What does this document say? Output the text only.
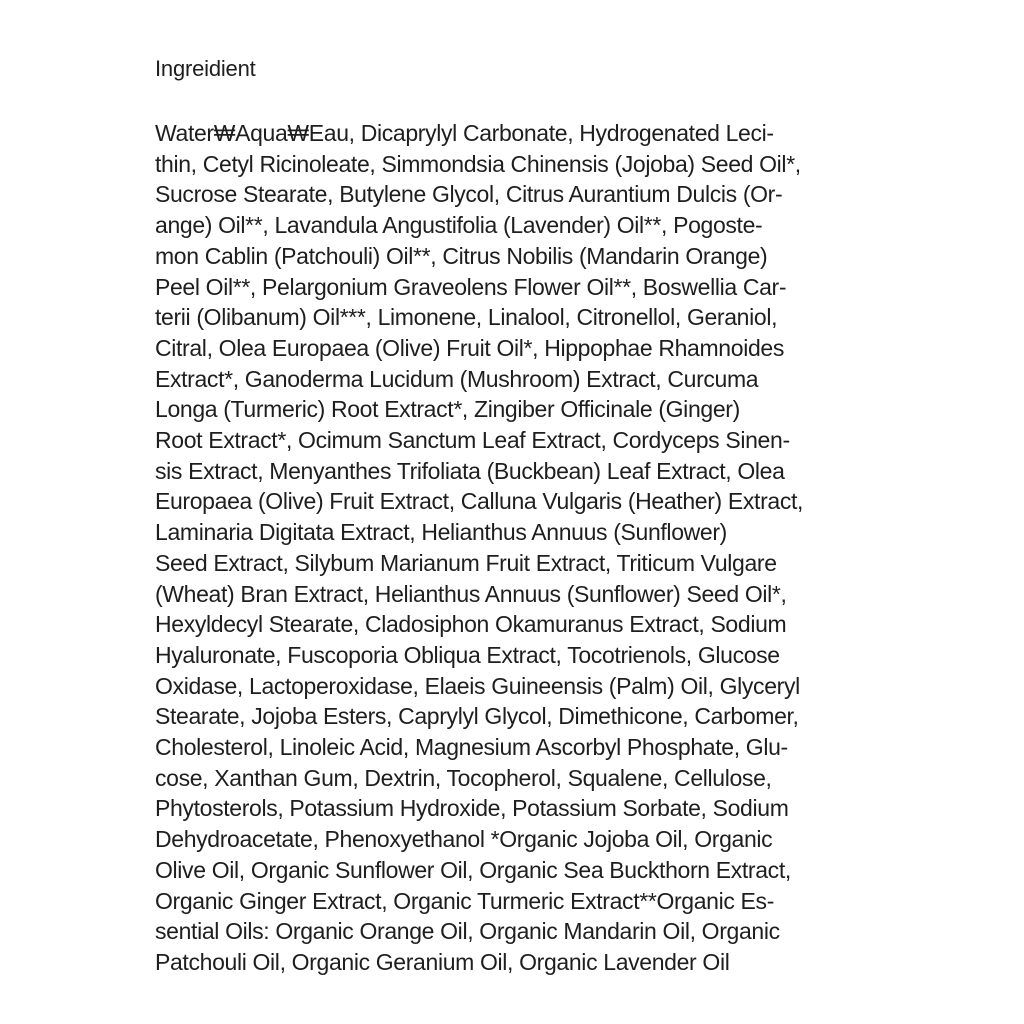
Ingreidient
Water₩Aqua₩Eau, Dicaprylyl Carbonate, Hydrogenated Leci-
thin, Cetyl Ricinoleate, Simmondsia Chinensis (Jojoba) Seed Oil*,
Sucrose Stearate, Butylene Glycol, Citrus Aurantium Dulcis (Or-
ange) Oil**, Lavandula Angustifolia (Lavender) Oil**, Pogoste-
mon Cablin (Patchouli) Oil**, Citrus Nobilis (Mandarin Orange)
Peel Oil**, Pelargonium Graveolens Flower Oil**, Boswellia Car-
terii (Olibanum) Oil***, Limonene, Linalool, Citronellol, Geraniol,
Citral, Olea Europaea (Olive) Fruit Oil*, Hippophae Rhamnoides
Extract*, Ganoderma Lucidum (Mushroom) Extract, Curcuma
Longa (Turmeric) Root Extract*, Zingiber Officinale (Ginger)
Root Extract*, Ocimum Sanctum Leaf Extract, Cordyceps Sinen-
sis Extract, Menyanthes Trifoliata (Buckbean) Leaf Extract, Olea
Europaea (Olive) Fruit Extract, Calluna Vulgaris (Heather) Extract,
Laminaria Digitata Extract, Helianthus Annuus (Sunflower)
Seed Extract, Silybum Marianum Fruit Extract, Triticum Vulgare
(Wheat) Bran Extract, Helianthus Annuus (Sunflower) Seed Oil*,
Hexyldecyl Stearate, Cladosiphon Okamuranus Extract, Sodium
Hyaluronate, Fuscoporia Obliqua Extract, Tocotrienols, Glucose
Oxidase, Lactoperoxidase, Elaeis Guineensis (Palm) Oil, Glyceryl
Stearate, Jojoba Esters, Caprylyl Glycol, Dimethicone, Carbomer,
Cholesterol, Linoleic Acid, Magnesium Ascorbyl Phosphate, Glu-
cose, Xanthan Gum, Dextrin, Tocopherol, Squalene, Cellulose,
Phytosterols, Potassium Hydroxide, Potassium Sorbate, Sodium
Dehydroacetate, Phenoxyethanol *Organic Jojoba Oil, Organic
Olive Oil, Organic Sunflower Oil, Organic Sea Buckthorn Extract,
Organic Ginger Extract, Organic Turmeric Extract**Organic Es-
sential Oils: Organic Orange Oil, Organic Mandarin Oil, Organic
Patchouli Oil, Organic Geranium Oil, Organic Lavender Oil
